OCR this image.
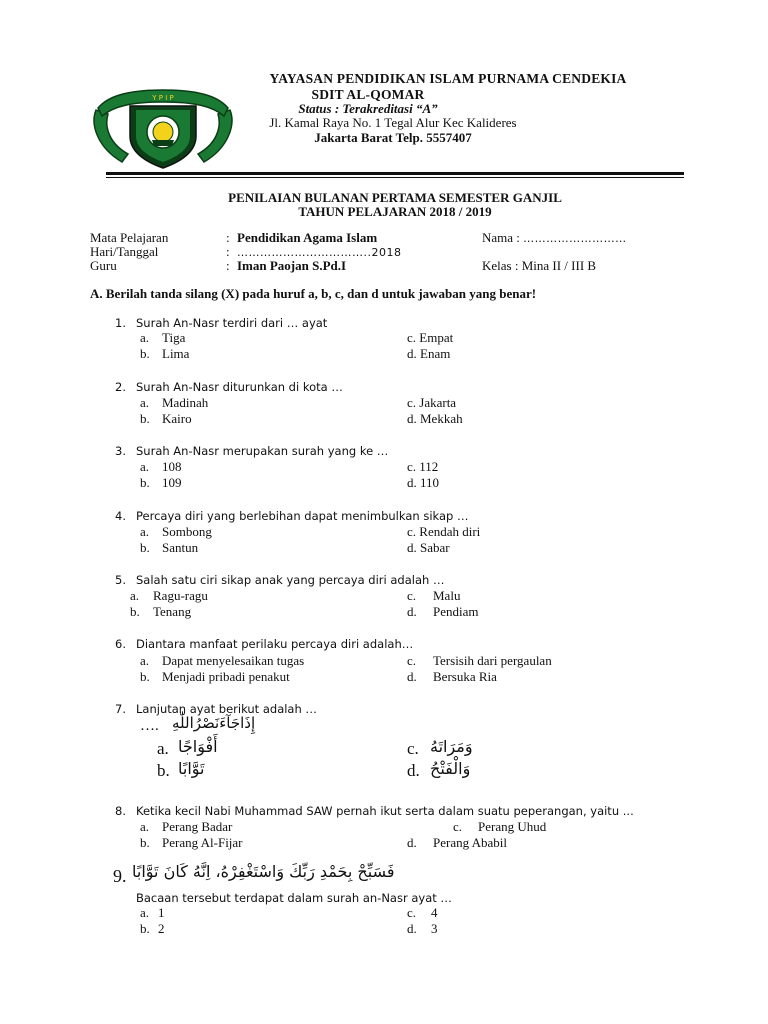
Y P I P
YAYASAN PENDIDIKAN ISLAM PURNAMA CENDEKIA
SDIT AL-QOMAR
Status : Terakreditasi “A”
Jl. Kamal Raya No. 1 Tegal Alur Kec Kalideres
Jakarta Barat Telp. 5557407
PENILAIAN BULANAN PERTAMA SEMESTER GANJIL
TAHUN PELAJARAN 2018 / 2019
Mata Pelajaran	: Pendidikan Agama Islam	Nama : ………………………
Hari/Tanggal	: ……………………………..2018
Guru	: Iman Paojan S.Pd.I	Kelas : Mina II / III B
A. Berilah tanda silang (X) pada huruf a, b, c, dan d untuk jawaban yang benar!
1. Surah An-Nasr terdiri dari … ayat
a. Tiga	c. Empat
b. Lima	d. Enam
2. Surah An-Nasr diturunkan di kota …
a. Madinah	c. Jakarta
b. Kairo	d. Mekkah
3. Surah An-Nasr merupakan surah yang ke …
a. 108	c. 112
b. 109	d. 110
4. Percaya diri yang berlebihan dapat menimbulkan sikap …
a. Sombong	c. Rendah diri
b. Santun	d. Sabar
5. Salah satu ciri sikap anak yang percaya diri adalah …
a. Ragu-ragu	c. Malu
b. Tenang	d. Pendiam
6. Diantara manfaat perilaku percaya diri adalah…
a. Dapat menyelesaikan tugas	c. Tersisih dari pergaulan
b. Menjadi pribadi penakut	d. Bersuka Ria
7. Lanjutan ayat berikut adalah …
…. إِذَاجَآءَنَصْرُاللّٰهِ
a. أَفْوَاجًا	c. وَمَرَاتَهُ
b. تَوَّابًا	d. وَالْفَتْحُ
8. Ketika kecil Nabi Muhammad SAW pernah ikut serta dalam suatu peperangan, yaitu ...
a. Perang Badar	c. Perang Uhud
b. Perang Al-Fijar	d. Perang Ababil
9. فَسَبِّحْ بِحَمْدِ رَبِّكَ وَاسْتَغْفِرْهُ، اِنَّهُ كَانَ تَوَّابًا
Bacaan tersebut terdapat dalam surah an-Nasr ayat …
a. 1	c. 4
b. 2	d. 3
